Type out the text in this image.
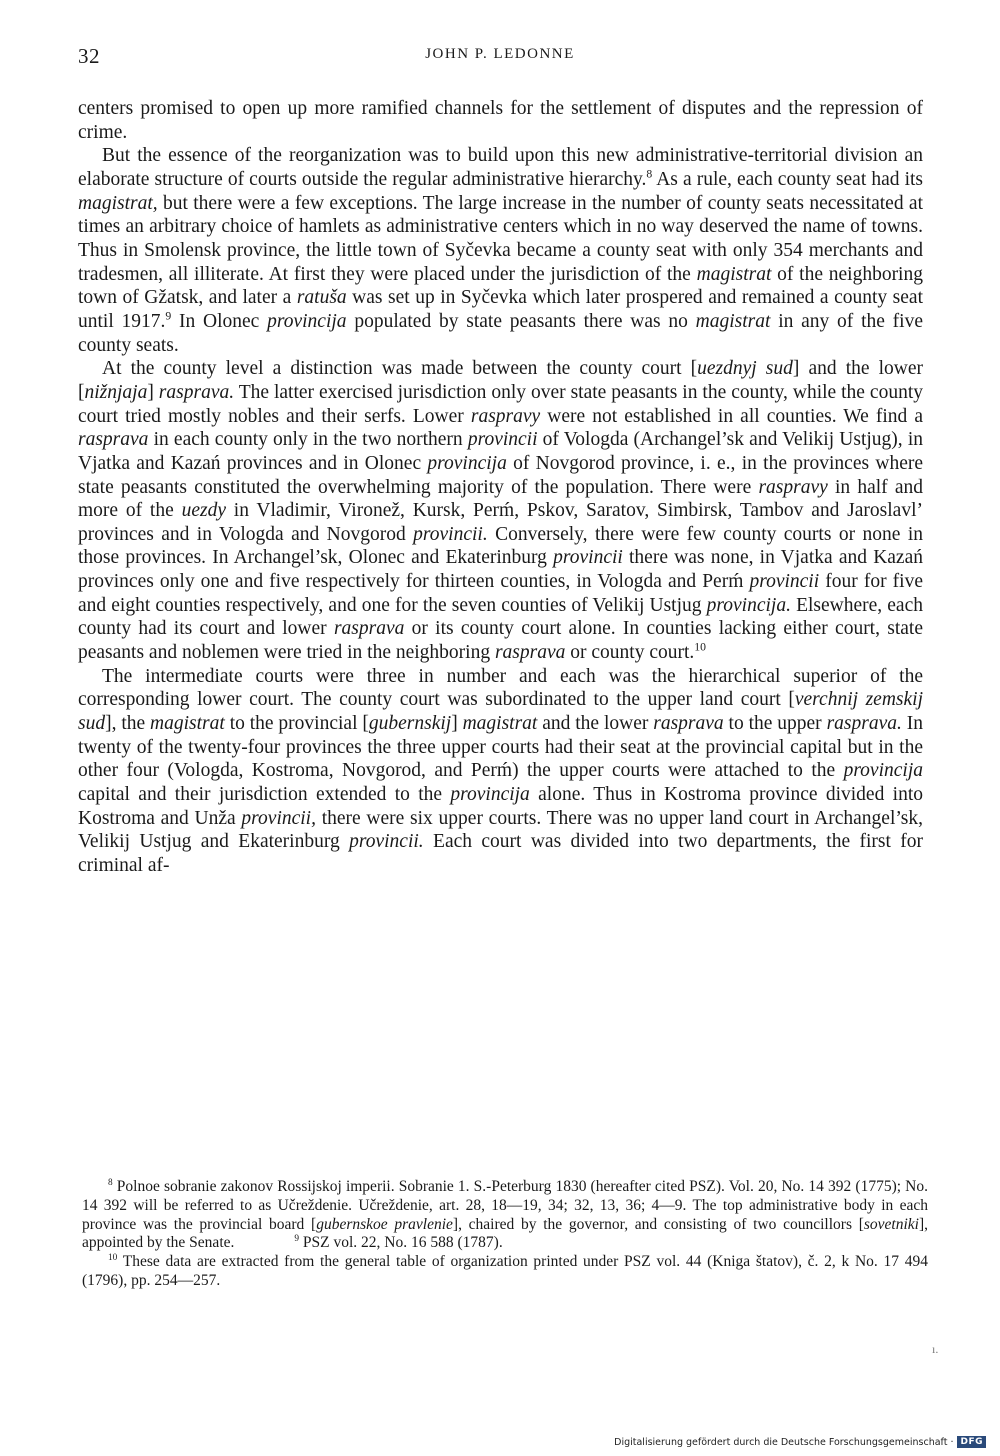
32	JOHN P. LEDONNE

centers promised to open up more ramified channels for the settlement of disputes and the repression of crime.

But the essence of the reorganization was to build upon this new administrative-territorial division an elaborate structure of courts outside the regular administrative hierarchy.$^8$ As a rule, each county seat had its magistrat, but there were a few exceptions. The large increase in the number of county seats necessitated at times an arbitrary choice of hamlets as administrative centers which in no way deserved the name of towns. Thus in Smolensk province, the little town of Syčevka became a county seat with only 354 merchants and tradesmen, all illiterate. At first they were placed under the jurisdiction of the magistrat of the neighboring town of Gžatsk, and later a ratuša was set up in Syčevka which later prospered and remained a county seat until 1917.$^9$ In Olonec provincija populated by state peasants there was no magistrat in any of the five county seats.

At the county level a distinction was made between the county court [uezdnyj sud] and the lower [nižnjaja] rasprava. The latter exercised jurisdiction only over state peasants in the county, while the county court tried mostly nobles and their serfs. Lower raspravy were not established in all counties. We find a rasprava in each county only in the two northern provincii of Vologda (Archangel’sk and Velikij Ustjug), in Vjatka and Kazań provinces and in Olonec provincija of Novgorod province, i. e., in the provinces where state peasants constituted the overwhelming majority of the population. There were raspravy in half and more of the uezdy in Vladimir, Vironež, Kursk, Perḿ, Pskov, Saratov, Simbirsk, Tambov and Jaroslavl’ provinces and in Vologda and Novgorod provincii. Conversely, there were few county courts or none in those provinces. In Archangel’sk, Olonec and Ekaterinburg provincii there was none, in Vjatka and Kazań provinces only one and five respectively for thirteen counties, in Vologda and Perḿ provincii four for five and eight counties respectively, and one for the seven counties of Velikij Ustjug provincija. Elsewhere, each county had its court and lower rasprava or its county court alone. In counties lacking either court, state peasants and noblemen were tried in the neighboring rasprava or county court.$^{10}$

The intermediate courts were three in number and each was the hierarchical superior of the corresponding lower court. The county court was subordinated to the upper land court [verchnij zemskij sud], the magistrat to the provincial [gubernskij] magistrat and the lower rasprava to the upper rasprava. In twenty of the twenty-four provinces the three upper courts had their seat at the provincial capital but in the other four (Vologda, Kostroma, Novgorod, and Perḿ) the upper courts were attached to the provincija capital and their jurisdiction extended to the provincija alone. Thus in Kostroma province divided into Kostroma and Unža provincii, there were six upper courts. There was no upper land court in Archangel’sk, Velikij Ustjug and Ekaterinburg provincii. Each court was divided into two departments, the first for criminal af-

$^8$ Polnoe sobranie zakonov Rossijskoj imperii. Sobranie 1. S.-Peterburg 1830 (hereafter cited PSZ). Vol. 20, No. 14 392 (1775); No. 14 392 will be referred to as Učreždenie. Učreždenie, art. 28, 18—19, 34; 32, 13, 36; 4—9. The top administrative body in each province was the provincial board [gubernskoe pravlenie], chaired by the governor, and consisting of two councillors [sovetniki], appointed by the Senate.	$^9$ PSZ vol. 22, No. 16 588 (1787).

$^{10}$ These data are extracted from the general table of organization printed under PSZ vol. 44 (Kniga štatov), č. 2, k No. 17 494 (1796), pp. 254—257.

ı.
Digitalisierung gefördert durch die Deutsche Forschungsgemeinschaft · DFG
